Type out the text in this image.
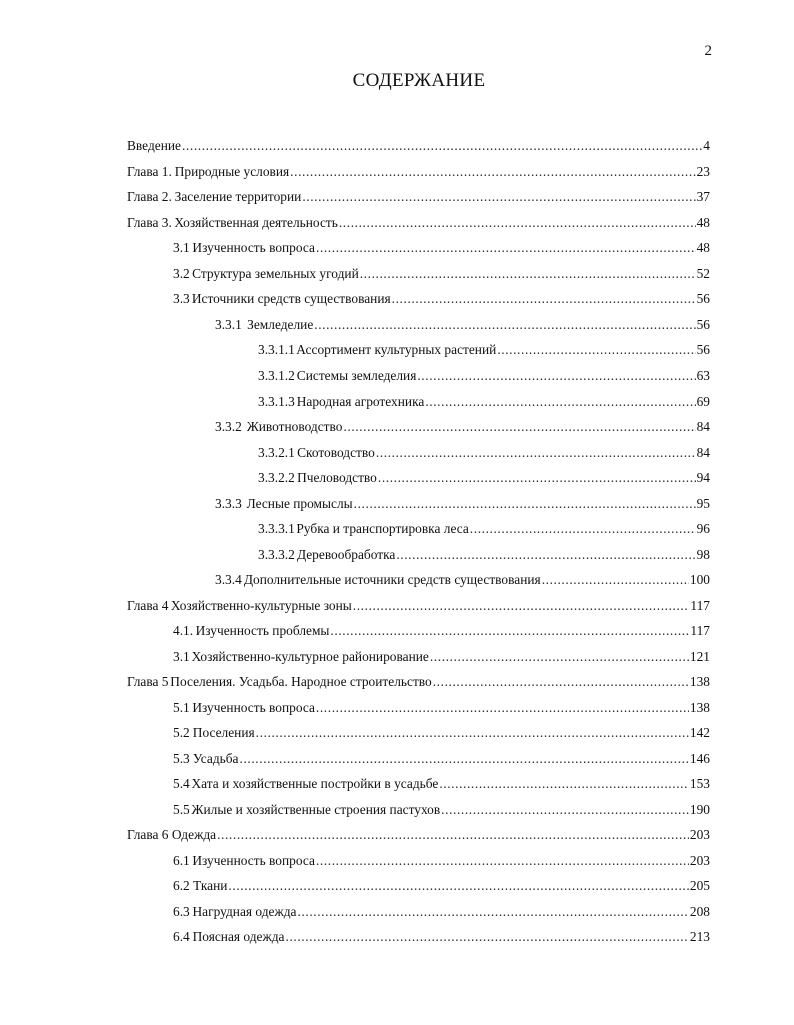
2
СОДЕРЖАНИЕ
Введение .....	4
Глава 1. Природные условия .....	23
Глава 2. Заселение территории .....	37
Глава 3. Хозяйственная деятельность .....	48
3.1 Изученность вопроса .....	48
3.2 Структура земельных угодий .....	52
3.3 Источники средств существования .....	56
3.3.1 Земледелие .....	56
3.3.1.1 Ассортимент культурных растений .....	56
3.3.1.2 Системы земледелия .....	63
3.3.1.3 Народная агротехника .....	69
3.3.2 Животноводство .....	84
3.3.2.1 Скотоводство .....	84
3.3.2.2 Пчеловодство .....	94
3.3.3 Лесные промыслы .....	95
3.3.3.1 Рубка и транспортировка леса .....	96
3.3.3.2 Деревообработка .....	98
3.3.4 Дополнительные источники средств существования .....	100
Глава 4 Хозяйственно-культурные зоны .....	117
4.1. Изученность проблемы .....	117
3.1 Хозяйственно-культурное районирование .....	121
Глава 5 Поселения. Усадьба. Народное строительство .....	138
5.1 Изученность вопроса .....	138
5.2 Поселения .....	142
5.3 Усадьба .....	146
5.4 Хата и хозяйственные постройки в усадьбе .....	153
5.5 Жилые и хозяйственные строения пастухов .....	190
Глава 6 Одежда .....	203
6.1 Изученность вопроса .....	203
6.2 Ткани .....	205
6.3 Нагрудная одежда .....	208
6.4 Поясная одежда .....	213
